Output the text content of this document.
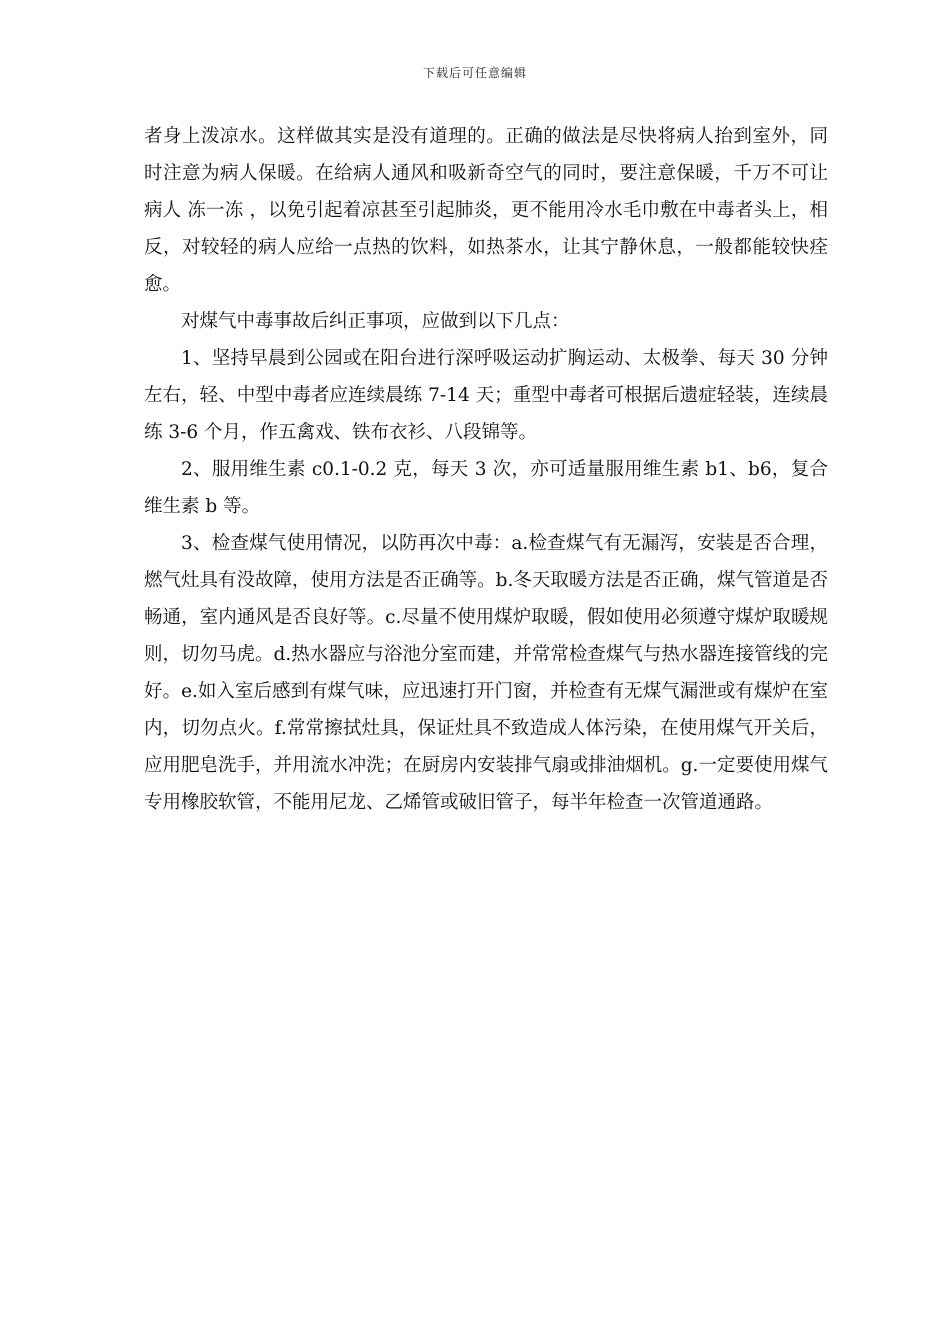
下载后可任意编辑

者身上泼凉水。这样做其实是没有道理的。正确的做法是尽快将病人抬到室外，同时注意为病人保暖。在给病人通风和吸新奇空气的同时，要注意保暖，千万不可让病人 冻一冻 ，以免引起着凉甚至引起肺炎，更不能用冷水毛巾敷在中毒者头上，相反，对较轻的病人应给一点热的饮料，如热茶水，让其宁静休息，一般都能较快痊愈。

对煤气中毒事故后纠正事项，应做到以下几点：

1、坚持早晨到公园或在阳台进行深呼吸运动扩胸运动、太极拳、每天 30 分钟左右，轻、中型中毒者应连续晨练 7-14 天；重型中毒者可根据后遗症轻装，连续晨练 3-6 个月，作五禽戏、铁布衣衫、八段锦等。

2、服用维生素 c0.1-0.2 克，每天 3 次，亦可适量服用维生素 b1、b6，复合维生素 b 等。

3、检查煤气使用情况，以防再次中毒：a.检查煤气有无漏泻，安装是否合理，燃气灶具有没故障，使用方法是否正确等。b.冬天取暖方法是否正确，煤气管道是否畅通，室内通风是否良好等。c.尽量不使用煤炉取暖，假如使用必须遵守煤炉取暖规则，切勿马虎。d.热水器应与浴池分室而建，并常常检查煤气与热水器连接管线的完好。e.如入室后感到有煤气味，应迅速打开门窗，并检查有无煤气漏泄或有煤炉在室内，切勿点火。f.常常擦拭灶具，保证灶具不致造成人体污染，在使用煤气开关后，应用肥皂洗手，并用流水冲洗；在厨房内安装排气扇或排油烟机。g.一定要使用煤气专用橡胶软管，不能用尼龙、乙烯管或破旧管子，每半年检查一次管道通路。
